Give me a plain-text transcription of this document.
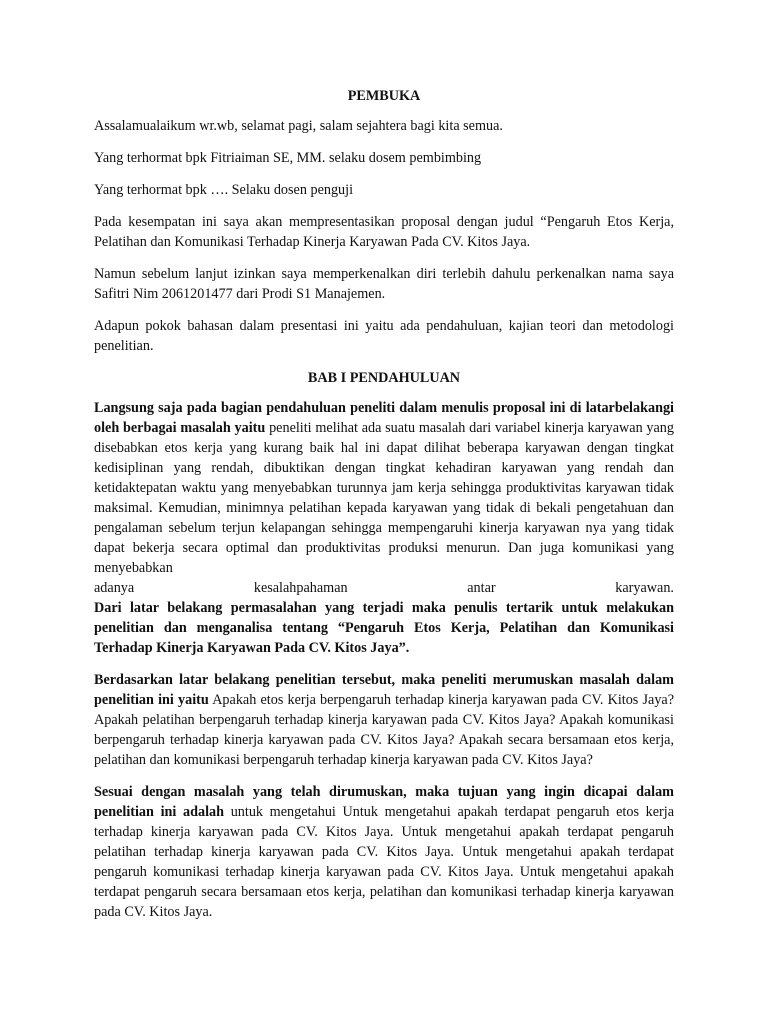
PEMBUKA

Assalamualaikum wr.wb, selamat pagi, salam sejahtera bagi kita semua.

Yang terhormat bpk Fitriaiman SE, MM. selaku dosem pembimbing

Yang terhormat bpk …. Selaku dosen penguji

Pada kesempatan ini saya akan mempresentasikan proposal dengan judul “Pengaruh Etos Kerja, Pelatihan dan Komunikasi Terhadap Kinerja Karyawan Pada CV. Kitos Jaya.

Namun sebelum lanjut izinkan saya memperkenalkan diri terlebih dahulu perkenalkan nama saya Safitri Nim 2061201477 dari Prodi S1 Manajemen.

Adapun pokok bahasan dalam presentasi ini yaitu ada pendahuluan, kajian teori dan metodologi penelitian.

BAB I PENDAHULUAN

Langsung saja pada bagian pendahuluan peneliti dalam menulis proposal ini di latarbelakangi oleh berbagai masalah yaitu peneliti melihat ada suatu masalah dari variabel kinerja karyawan yang disebabkan etos kerja yang kurang baik hal ini dapat dilihat beberapa karyawan dengan tingkat kedisiplinan yang rendah, dibuktikan dengan tingkat kehadiran karyawan yang rendah dan ketidaktepatan waktu yang menyebabkan turunnya jam kerja sehingga produktivitas karyawan tidak maksimal. Kemudian, minimnya pelatihan kepada karyawan yang tidak di bekali pengetahuan dan pengalaman sebelum terjun kelapangan sehingga mempengaruhi kinerja karyawan nya yang tidak dapat bekerja secara optimal dan produktivitas produksi menurun. Dan juga komunikasi yang menyebabkan

adanya	kesalahpahaman	antar	karyawan.

Dari latar belakang permasalahan yang terjadi maka penulis tertarik untuk melakukan penelitian dan menganalisa tentang “Pengaruh Etos Kerja, Pelatihan dan Komunikasi Terhadap Kinerja Karyawan Pada CV. Kitos Jaya”.

Berdasarkan latar belakang penelitian tersebut, maka peneliti merumuskan masalah dalam penelitian ini yaitu Apakah etos kerja berpengaruh terhadap kinerja karyawan pada CV. Kitos Jaya? Apakah pelatihan berpengaruh terhadap kinerja karyawan pada CV. Kitos Jaya? Apakah komunikasi berpengaruh terhadap kinerja karyawan pada CV. Kitos Jaya? Apakah secara bersamaan etos kerja, pelatihan dan komunikasi berpengaruh terhadap kinerja karyawan pada CV. Kitos Jaya?

Sesuai dengan masalah yang telah dirumuskan, maka tujuan yang ingin dicapai dalam penelitian ini adalah untuk mengetahui Untuk mengetahui apakah terdapat pengaruh etos kerja terhadap kinerja karyawan pada CV. Kitos Jaya. Untuk mengetahui apakah terdapat pengaruh pelatihan terhadap kinerja karyawan pada CV. Kitos Jaya. Untuk mengetahui apakah terdapat pengaruh komunikasi terhadap kinerja karyawan pada CV. Kitos Jaya. Untuk mengetahui apakah terdapat pengaruh secara bersamaan etos kerja, pelatihan dan komunikasi terhadap kinerja karyawan pada CV. Kitos Jaya.
